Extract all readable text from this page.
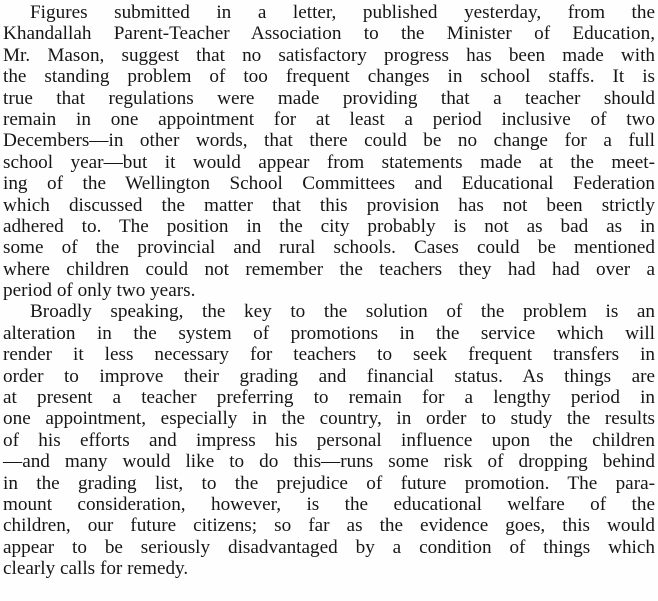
Figures submitted in a letter, published yesterday, from the
Khandallah Parent-Teacher Association to the Minister of Education,
Mr. Mason, suggest that no satisfactory progress has been made with
the standing problem of too frequent changes in school staffs. It is
true that regulations were made providing that a teacher should
remain in one appointment for at least a period inclusive of two
Decembers—in other words, that there could be no change for a full
school year—but it would appear from statements made at the meet-
ing of the Wellington School Committees and Educational Federation
which discussed the matter that this provision has not been strictly
adhered to. The position in the city probably is not as bad as in
some of the provincial and rural schools. Cases could be mentioned
where children could not remember the teachers they had had over a
period of only two years.
Broadly speaking, the key to the solution of the problem is an
alteration in the system of promotions in the service which will
render it less necessary for teachers to seek frequent transfers in
order to improve their grading and financial status. As things are
at present a teacher preferring to remain for a lengthy period in
one appointment, especially in the country, in order to study the results
of his efforts and impress his personal influence upon the children
—and many would like to do this—runs some risk of dropping behind
in the grading list, to the prejudice of future promotion. The para-
mount consideration, however, is the educational welfare of the
children, our future citizens; so far as the evidence goes, this would
appear to be seriously disadvantaged by a condition of things which
clearly calls for remedy.
